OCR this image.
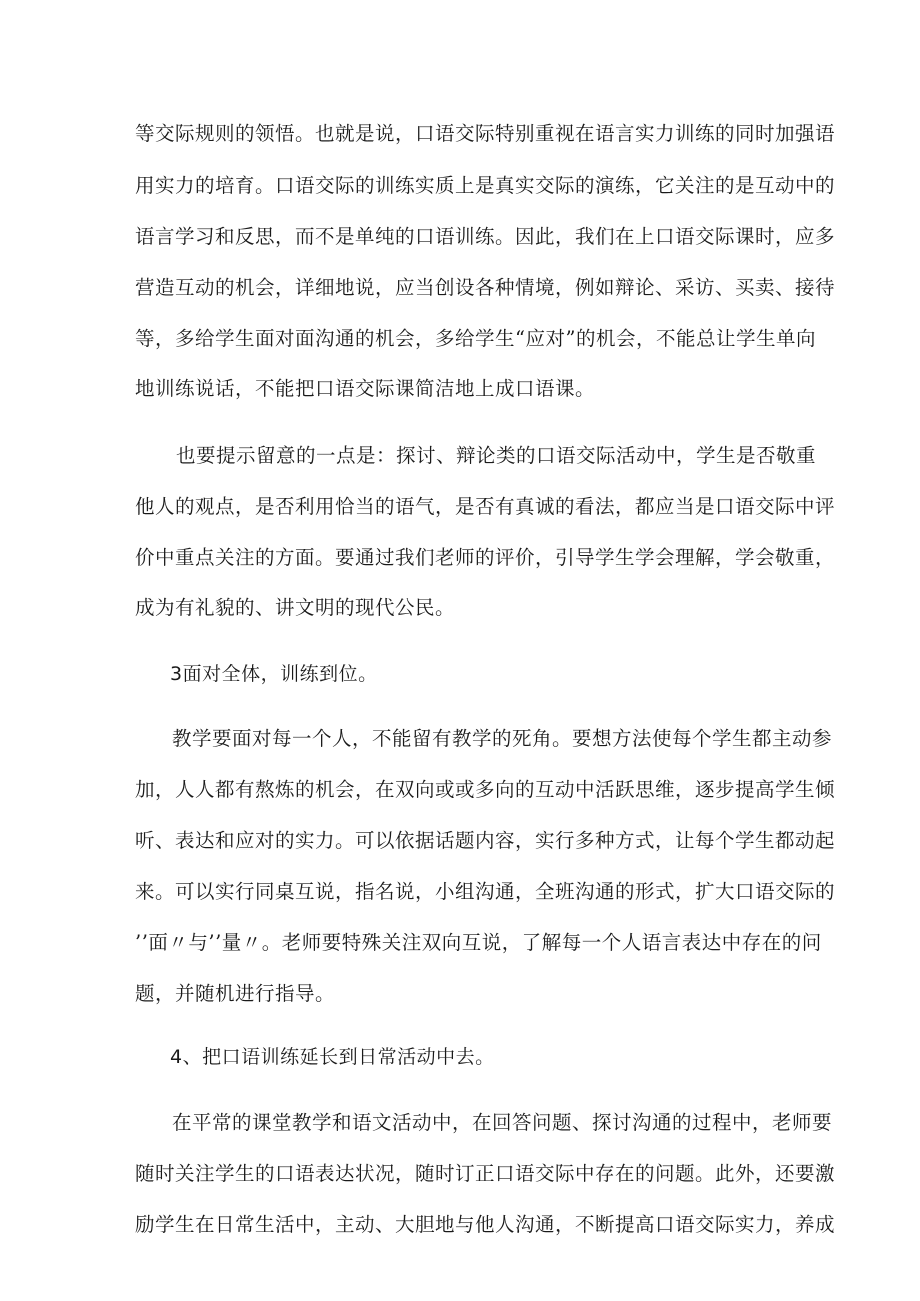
等交际规则的领悟。也就是说，口语交际特别重视在语言实力训练的同时加强语
用实力的培育。口语交际的训练实质上是真实交际的演练，它关注的是互动中的
语言学习和反思，而不是单纯的口语训练。因此，我们在上口语交际课时，应多
营造互动的机会，详细地说，应当创设各种情境，例如辩论、采访、买卖、接待
等，多给学生面对面沟通的机会，多给学生“应对”的机会，不能总让学生单向
地训练说话，不能把口语交际课简洁地上成口语课。
也要提示留意的一点是：探讨、辩论类的口语交际活动中，学生是否敬重
他人的观点，是否利用恰当的语气，是否有真诚的看法，都应当是口语交际中评
价中重点关注的方面。要通过我们老师的评价，引导学生学会理解，学会敬重，
成为有礼貌的、讲文明的现代公民。
3面对全体，训练到位。
教学要面对每一个人，不能留有教学的死角。要想方法使每个学生都主动参
加，人人都有熬炼的机会，在双向或或多向的互动中活跃思维，逐步提高学生倾
听、表达和应对的实力。可以依据话题内容，实行多种方式，让每个学生都动起
来。可以实行同桌互说，指名说，小组沟通，全班沟通的形式，扩大口语交际的
’’面〃与’’量〃。老师要特殊关注双向互说，了解每一个人语言表达中存在的问
题，并随机进行指导。
4、把口语训练延长到日常活动中去。
在平常的课堂教学和语文活动中，在回答问题、探讨沟通的过程中，老师要
随时关注学生的口语表达状况，随时订正口语交际中存在的问题。此外，还要激
励学生在日常生活中，主动、大胆地与他人沟通，不断提高口语交际实力，养成
